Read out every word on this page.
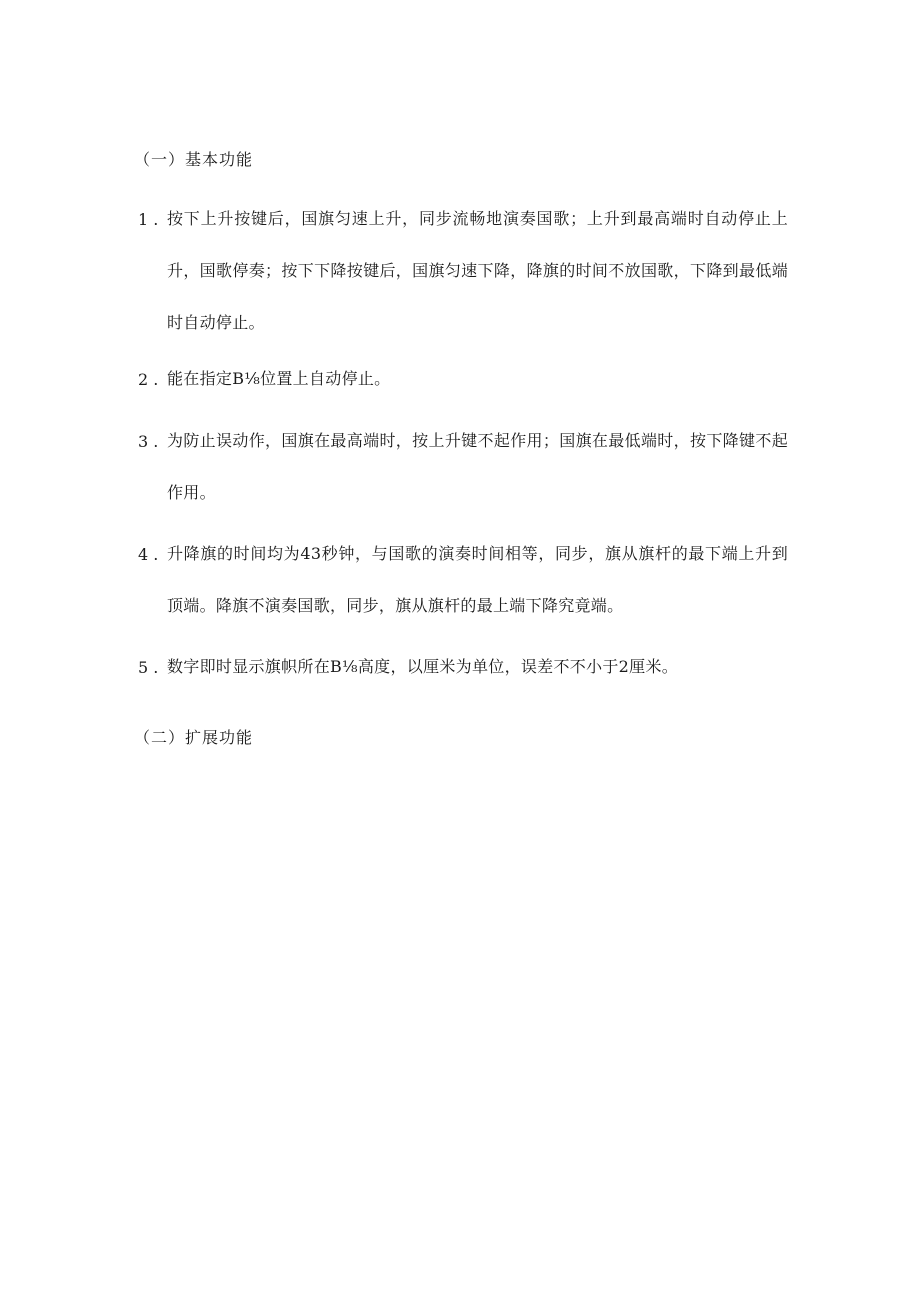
（一）基本功能
1 . 按下上升按键后，国旗匀速上升，同步流畅地演奏国歌；上升到最高端时自动停止上升，国歌停奏；按下下降按键后，国旗匀速下降，降旗的时间不放国歌，下降到最低端时自动停止。
2 . 能在指定B⅛位置上自动停止。
3 . 为防止误动作，国旗在最高端时，按上升键不起作用；国旗在最低端时，按下降键不起作用。
4 . 升降旗的时间均为43秒钟，与国歌的演奏时间相等，同步，旗从旗杆的最下端上升到顶端。降旗不演奏国歌，同步，旗从旗杆的最上端下降究竟端。
5 . 数字即时显示旗帜所在B⅛高度，以厘米为单位，误差不不小于2厘米。
（二）扩展功能
